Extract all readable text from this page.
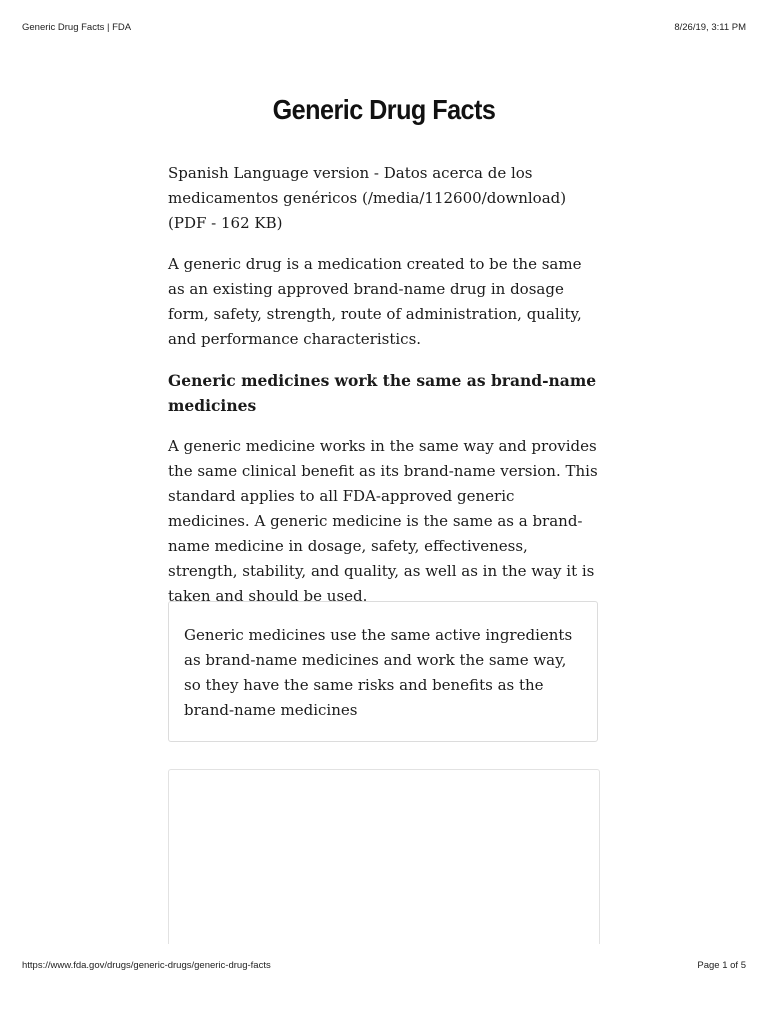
Generic Drug Facts | FDA	8/26/19, 3:11 PM
Generic Drug Facts

Spanish Language version - Datos acerca de los medicamentos genéricos (/media/112600/download) (PDF - 162 KB)

A generic drug is a medication created to be the same as an existing approved brand-name drug in dosage form, safety, strength, route of administration, quality, and performance characteristics.

Generic medicines work the same as brand-name medicines

A generic medicine works in the same way and provides the same clinical benefit as its brand-name version. This standard applies to all FDA-approved generic medicines. A generic medicine is the same as a brand-name medicine in dosage, safety, effectiveness, strength, stability, and quality, as well as in the way it is taken and should be used.

Generic medicines use the same active ingredients as brand-name medicines and work the same way, so they have the same risks and benefits as the brand-name medicines

https://www.fda.gov/drugs/generic-drugs/generic-drug-facts	Page 1 of 5
